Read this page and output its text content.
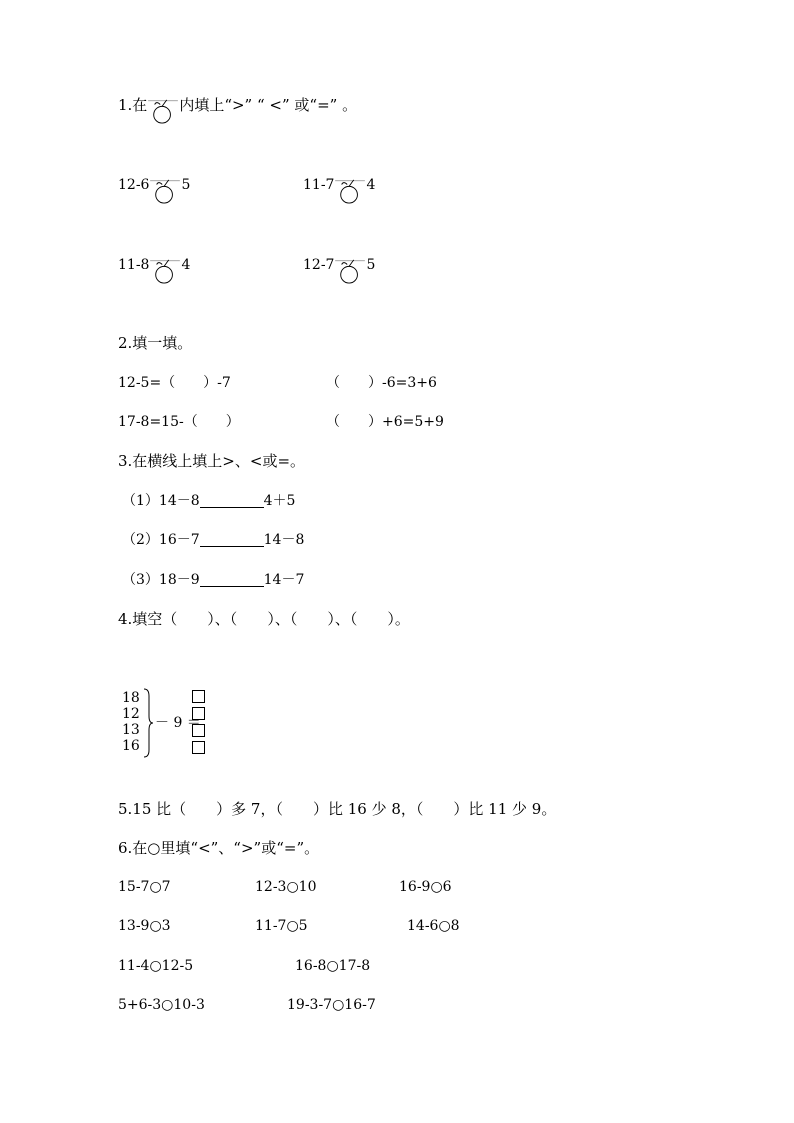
1.在 内填上“>” “ <” 或“=” 。
12-6 5	11-7 4
11-8 4	12-7 5
2.填一填。
12-5=（　　）-7	（　　）-6=3+6
17-8=15-（　　）	（　　）+6=5+9
3.在横线上填上>、<或=。
（1）14－8	4＋5
（2）16－7	14－8
（3）18－9	14－7
4.填空（　　）、（　　）、（　　）、（　　）。
18
12
13
16
－ 9 ＝
5.15 比（　　）多 7，（　　）比 16 少 8，（　　）比 11 少 9。
6.在○里填“<”、“>”或“=”。
15-7○7	12-3○10	16-9○6
13-9○3	11-7○5	14-6○8
11-4○12-5	16-8○17-8
5+6-3○10-3	19-3-7○16-7
